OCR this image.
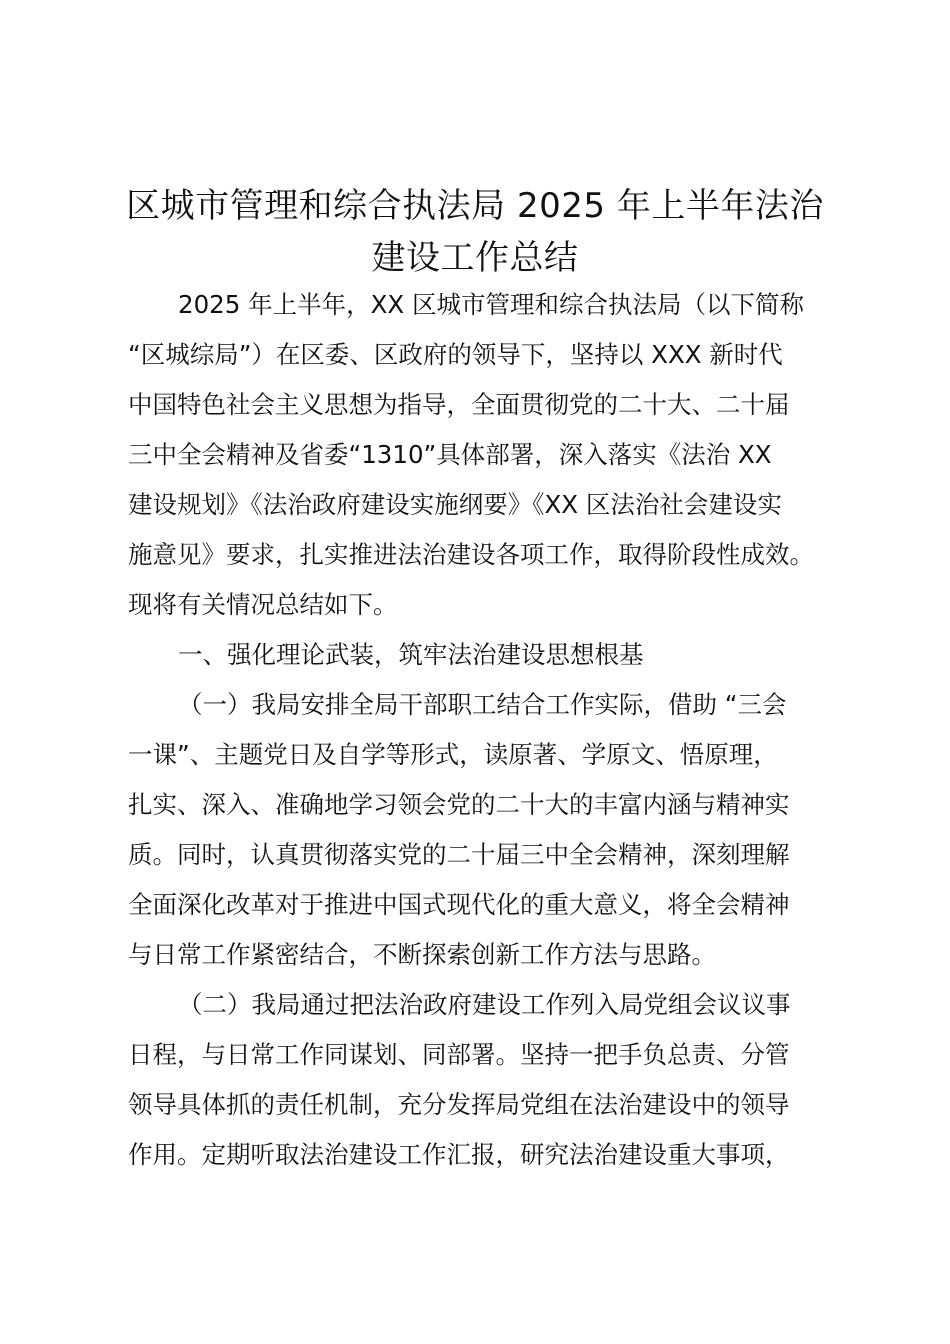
区城市管理和综合执法局 2025 年上半年法治
建设工作总结

2025 年上半年，XX 区城市管理和综合执法局（以下简称

“区城综局”）在区委、区政府的领导下，坚持以 XXX 新时代

中国特色社会主义思想为指导，全面贯彻党的二十大、二十届

三中全会精神及省委“1310”具体部署，深入落实《法治 XX

建设规划》《法治政府建设实施纲要》《XX 区法治社会建设实

施意见》要求，扎实推进法治建设各项工作，取得阶段性成效。

现将有关情况总结如下。

一、强化理论武装，筑牢法治建设思想根基

（一）我局安排全局干部职工结合工作实际，借助 “三会

一课”、主题党日及自学等形式，读原著、学原文、悟原理，

扎实、深入、准确地学习领会党的二十大的丰富内涵与精神实

质。同时，认真贯彻落实党的二十届三中全会精神，深刻理解

全面深化改革对于推进中国式现代化的重大意义，将全会精神

与日常工作紧密结合，不断探索创新工作方法与思路。

（二）我局通过把法治政府建设工作列入局党组会议议事

日程，与日常工作同谋划、同部署。坚持一把手负总责、分管

领导具体抓的责任机制，充分发挥局党组在法治建设中的领导

作用。定期听取法治建设工作汇报，研究法治建设重大事项，
